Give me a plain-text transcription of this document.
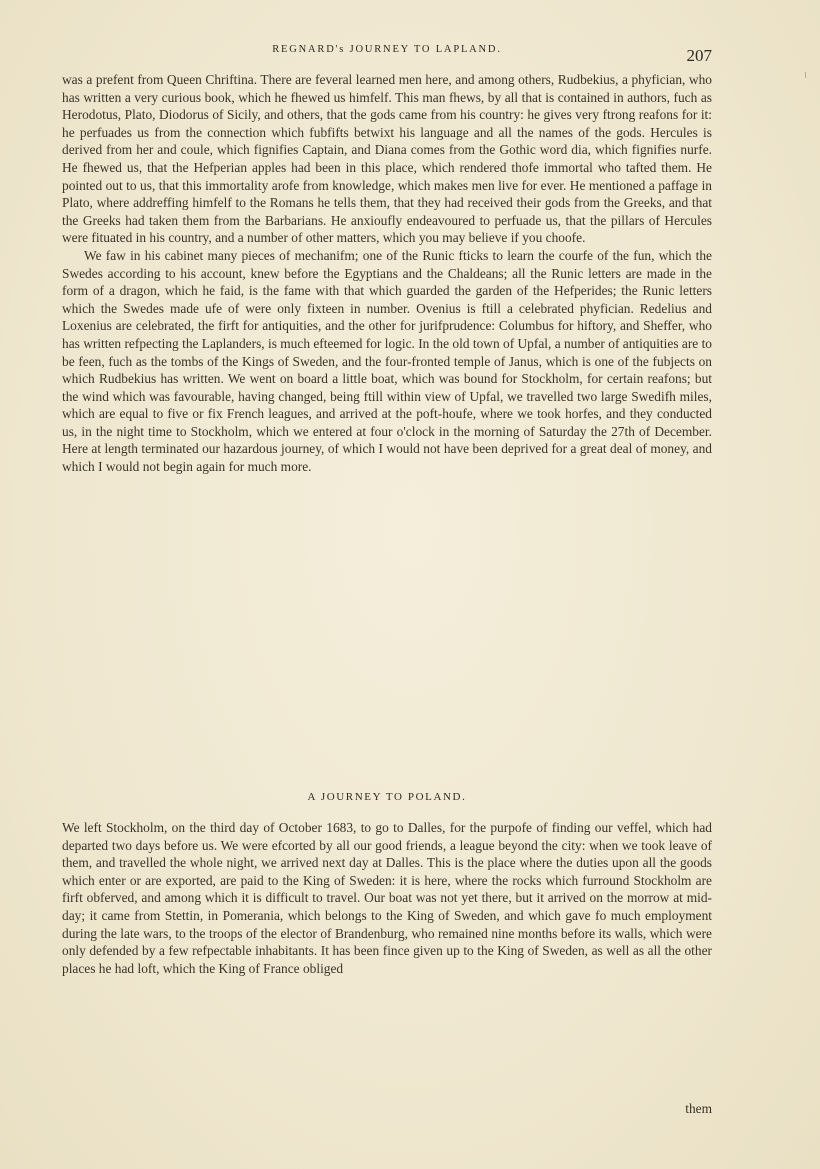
REGNARD's JOURNEY TO LAPLAND.	207

was a prefent from Queen Chriftina. There are feveral learned men here, and among others, Rudbekius, a phyfician, who has written a very curious book, which he fhewed us himfelf. This man fhews, by all that is contained in authors, fuch as Herodotus, Plato, Diodorus of Sicily, and others, that the gods came from his country: he gives very ftrong reafons for it: he perfuades us from the connection which fubfifts betwixt his language and all the names of the gods. Hercules is derived from her and coule, which fignifies Captain, and Diana comes from the Gothic word dia, which fignifies nurfe. He fhewed us, that the Hefperian apples had been in this place, which rendered thofe immortal who tafted them. He pointed out to us, that this immortality arofe from knowledge, which makes men live for ever. He mentioned a paffage in Plato, where addreffing himfelf to the Romans he tells them, that they had received their gods from the Greeks, and that the Greeks had taken them from the Barbarians. He anxioufly endeavoured to perfuade us, that the pillars of Hercules were fituated in his country, and a number of other matters, which you may believe if you choofe.

We faw in his cabinet many pieces of mechanifm; one of the Runic fticks to learn the courfe of the fun, which the Swedes according to his account, knew before the Egyptians and the Chaldeans; all the Runic letters are made in the form of a dragon, which he faid, is the fame with that which guarded the garden of the Hefperides; the Runic letters which the Swedes made ufe of were only fixteen in number. Ovenius is ftill a celebrated phyfician. Redelius and Loxenius are celebrated, the firft for antiquities, and the other for jurifprudence: Columbus for hiftory, and Sheffer, who has written refpecting the Laplanders, is much efteemed for logic. In the old town of Upfal, a number of antiquities are to be feen, fuch as the tombs of the Kings of Sweden, and the four-fronted temple of Janus, which is one of the fubjects on which Rudbekius has written. We went on board a little boat, which was bound for Stockholm, for certain reafons; but the wind which was favourable, having changed, being ftill within view of Upfal, we travelled two large Swedifh miles, which are equal to five or fix French leagues, and arrived at the poft-houfe, where we took horfes, and they conducted us, in the night time to Stockholm, which we entered at four o'clock in the morning of Saturday the 27th of December. Here at length terminated our hazardous journey, of which I would not have been deprived for a great deal of money, and which I would not begin again for much more.

A JOURNEY TO POLAND.

We left Stockholm, on the third day of October 1683, to go to Dalles, for the purpofe of finding our veffel, which had departed two days before us. We were efcorted by all our good friends, a league beyond the city: when we took leave of them, and travelled the whole night, we arrived next day at Dalles. This is the place where the duties upon all the goods which enter or are exported, are paid to the King of Sweden: it is here, where the rocks which furround Stockholm are firft obferved, and among which it is difficult to travel. Our boat was not yet there, but it arrived on the morrow at mid-day; it came from Stettin, in Pomerania, which belongs to the King of Sweden, and which gave fo much employment during the late wars, to the troops of the elector of Brandenburg, who remained nine months before its walls, which were only defended by a few refpectable inhabitants. It has been fince given up to the King of Sweden, as well as all the other places he had loft, which the King of France obliged

them
